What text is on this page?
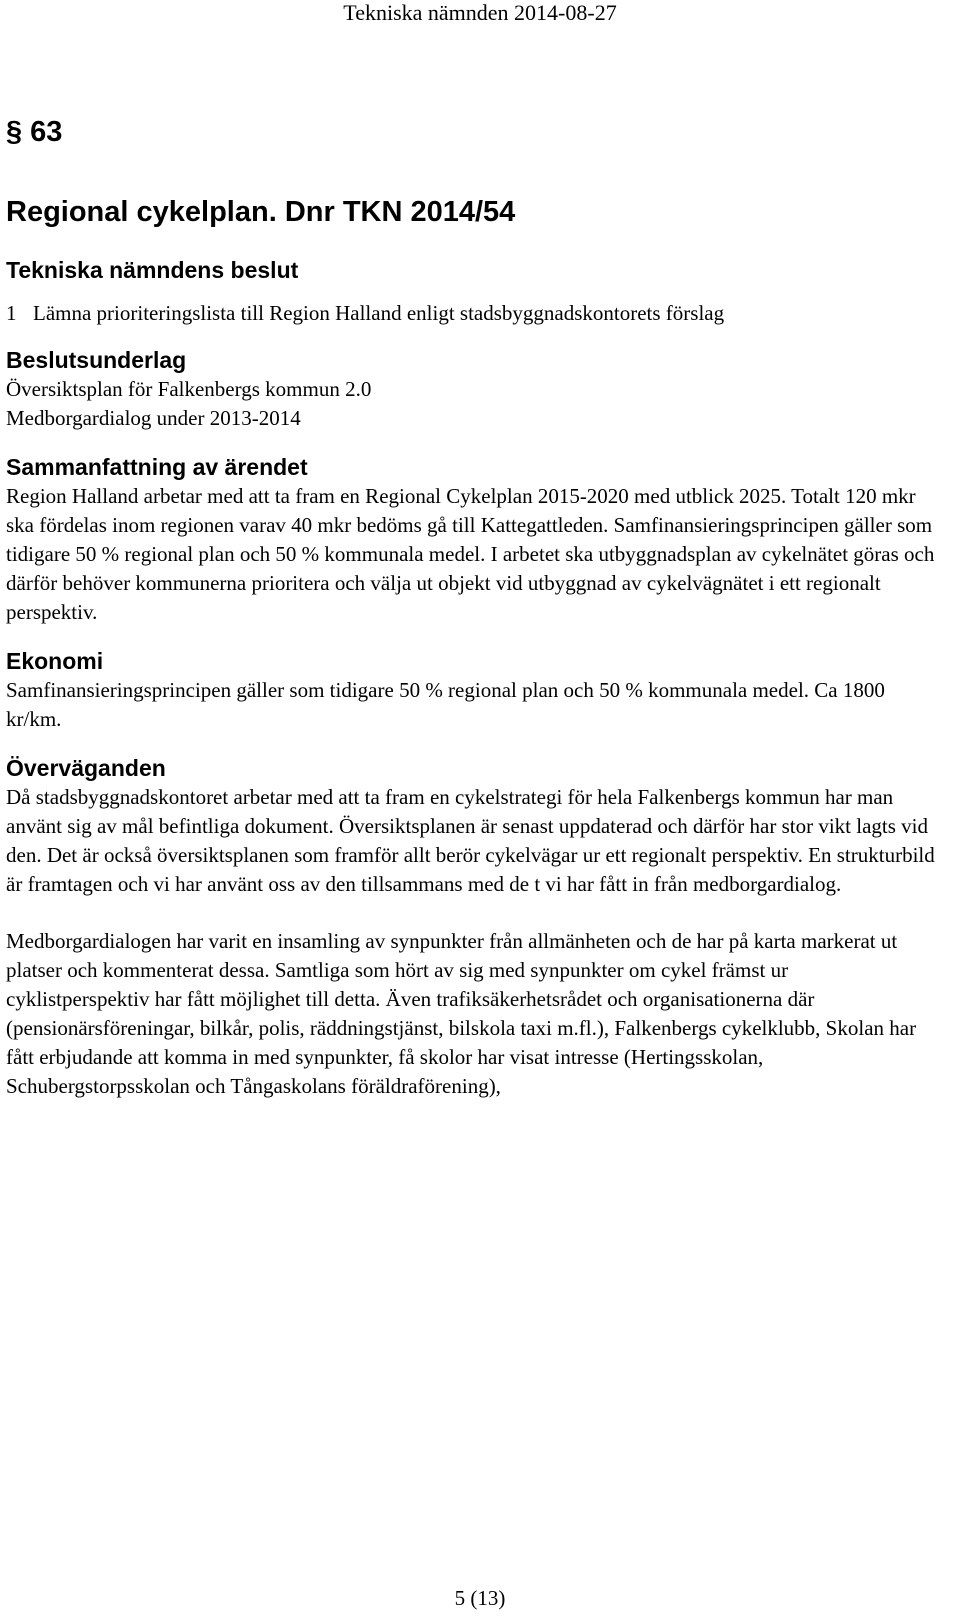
Tekniska nämnden 2014-08-27
§ 63
Regional cykelplan. Dnr TKN 2014/54
Tekniska nämndens beslut

1 Lämna prioriteringslista till Region Halland enligt stadsbyggnadskontorets förslag

Beslutsunderlag

Översiktsplan för Falkenbergs kommun 2.0

Medborgardialog under 2013-2014

Sammanfattning av ärendet

Region Halland arbetar med att ta fram en Regional Cykelplan 2015-2020 med utblick 2025. Totalt 120 mkr ska fördelas inom regionen varav 40 mkr bedöms gå till Kattegattleden. Samfinansieringsprincipen gäller som tidigare 50 % regional plan och 50 % kommunala medel. I arbetet ska utbyggnadsplan av cykelnätet göras och därför behöver kommunerna prioritera och välja ut objekt vid utbyggnad av cykelvägnätet i ett regionalt perspektiv.

Ekonomi

Samfinansieringsprincipen gäller som tidigare 50 % regional plan och 50 % kommunala medel. Ca 1800 kr/km.

Överväganden

Då stadsbyggnadskontoret arbetar med att ta fram en cykelstrategi för hela Falkenbergs kommun har man använt sig av mål befintliga dokument. Översiktsplanen är senast uppdaterad och därför har stor vikt lagts vid den. Det är också översiktsplanen som framför allt berör cykelvägar ur ett regionalt perspektiv. En strukturbild är framtagen och vi har använt oss av den tillsammans med de t vi har fått in från medborgardialog.

Medborgardialogen har varit en insamling av synpunkter från allmänheten och de har på karta markerat ut platser och kommenterat dessa. Samtliga som hört av sig med synpunkter om cykel främst ur cyklistperspektiv har fått möjlighet till detta. Även trafiksäkerhetsrådet och organisationerna där (pensionärsföreningar, bilkår, polis, räddningstjänst, bilskola taxi m.fl.), Falkenbergs cykelklubb, Skolan har fått erbjudande att komma in med synpunkter, få skolor har visat intresse (Hertingsskolan, Schubergstorpsskolan och Tångaskolans föräldraförening),

5 (13)
